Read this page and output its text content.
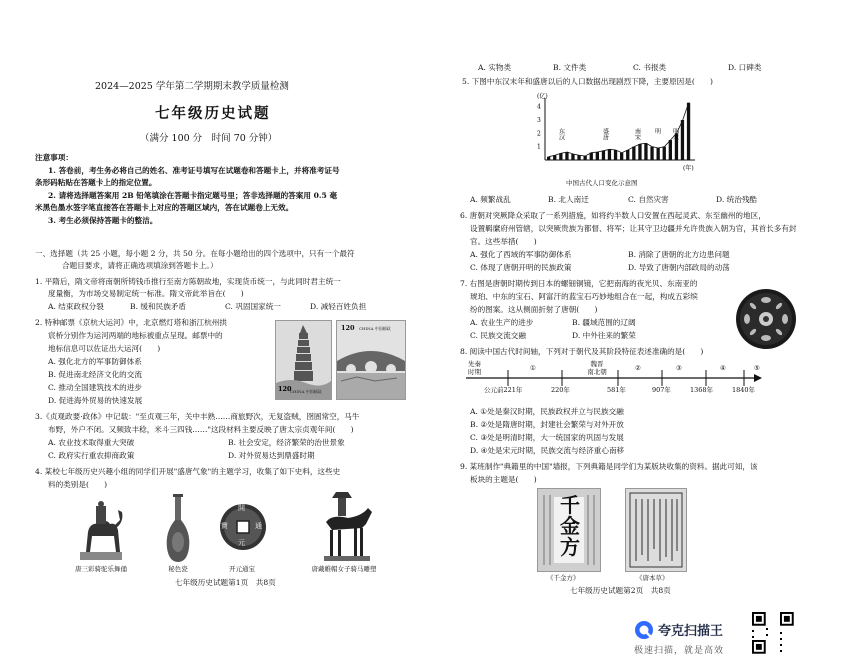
2024—2025 学年第二学期期末教学质量检测
七年级历史试题
（满分 100 分　时间 70 分钟）
注意事项：
1. 答卷前，考生务必将自己的姓名、准考证号填写在试题卷和答题卡上，并将准考证号
条形码粘贴在答题卡上的指定位置。
2. 请将选择题答案用 2B 铅笔填涂在答题卡指定题号里；答非选择题的答案用 0.5 毫
米黑色墨水签字笔直接答在答题卡上对应的答题区域内，答在试题卷上无效。
3. 考生必须保持答题卡的整洁。
一、选择题（共 25 小题，每小题 2 分，共 50 分。在每小题给出的四个选项中，只有一个最符
合题目要求，请将正确选项填涂到答题卡上。）
1. 平隋后，隋文帝将南朝所铸钱币推行至南方陈朝故地，实现货币统一，与此同时君主统一
度量衡，为市场交易制定统一标准。隋文帝此举旨在(　　)
A. 结束政权分裂	B. 缓和民族矛盾	C. 巩固国家统一	D. 减轻百姓负担
2. 特种邮票《京杭大运河》中，北京燃灯塔和浙江杭州拱
宸桥分别作为运河两端的地标被重点呈现。邮票中的
地标信息可以佐证出大运河(　　)
A. 强化北方的军事防御体系
B. 促进南北经济文化的交流
C. 推动全国建筑技术的进步
D. 促进海外贸易的快速发展
120
CHINA 中国邮政
120 CHINA 中国邮政
3.《贞观政要·政体》中记载："至贞观三年，关中丰熟……商旅野次，无复盗贼，囹圄常空，马牛
布野，外户不闭。又频致丰稔，米斗三四钱……"这段材料主要反映了唐太宗贞观年间(　　)
A. 农业技术取得重大突破	B. 社会安定，经济繁荣的治世景象
C. 政府实行重农抑商政策	D. 对外贸易达到鼎盛时期
4. 某校七年级历史兴趣小组的同学们开展"盛唐气象"的主题学习，收集了如下史料，这些史
料的类别是(　　)
開
元
通
寶
唐三彩骑驼乐舞俑	秘色瓷	开元通宝	唐戴帷帽女子骑马雕塑
七年级历史试题第1页　共8页
A. 实物类	B. 文件类	C. 书报类	D. 口碑类
5. 下图中东汉末年和盛唐以后的人口数据出现剧烈下降，主要原因是(　　)
1
2
3
4
东汉	盛唐	南宋 明 明末
(亿)
(年)
中国古代人口变化示意图
A. 频繁战乱	B. 北人南迁	C. 自然灾害	D. 统治残酷
6. 唐朝对突厥降众采取了一系列措施，如将约半数人口安置在西起灵武、东至幽州的地区，
设置羁縻府州管辖，以突厥贵族为都督、将军；让其守卫边疆并允许贵族入朝为官，其首长多有封
官。这些举措(　　)
A. 强化了西域的军事防御体系	B. 消除了唐朝的北方边患问题
C. 体现了唐朝开明的民族政策	D. 导致了唐朝内部政局的动荡
7. 右图是唐朝时期传到日本的螺钿铜镜，它把南海的夜光贝、东南亚的
琥珀、中东的宝石、阿富汗的蓝宝石巧妙地组合在一起，构成五彩缤
纷的图案。这从侧面折射了唐朝(　　)
A. 农业生产的进步	B. 疆域范围的辽阔
C. 民族交流交融	D. 中外往来的繁荣
8. 阅读中国古代时间轴，下列对于朝代及其阶段特征表述准确的是(　　)
先秦
时期	①	魏晋
南北朝	②	③	④	⑤
公元前221年	220年	581年	907年	1368年	1840年
A. ①处是秦汉时期，民族政权并立与民族交融
B. ②处是隋唐时期，封建社会繁荣与对外开放
C. ③处是明清时期，大一统国家的巩固与发展
D. ④处是宋元时期，民族交流与经济重心南移
9. 某班制作"典籍里的中国"墙报，下列典籍是同学们为某版块收集的资料。据此可知，该
板块的主题是(　　)
千金方
《千金方》	《唐本草》
七年级历史试题第2页　共8页
夸克扫描王
极速扫描，就是高效
